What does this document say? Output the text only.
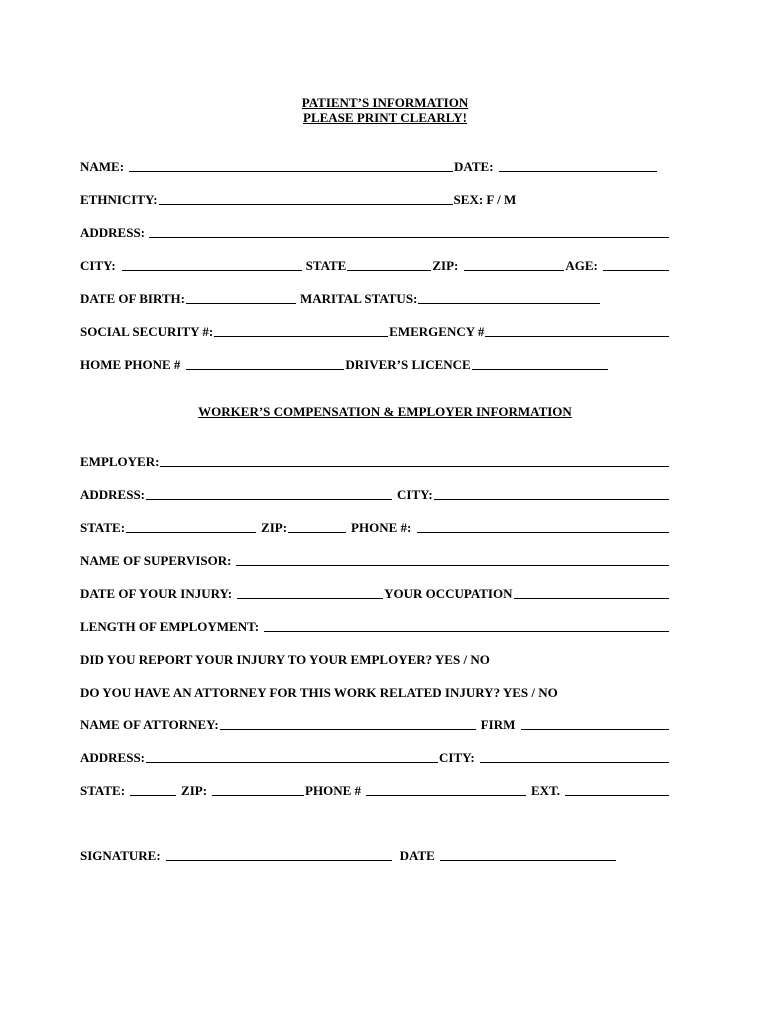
PATIENT’S INFORMATION
PLEASE PRINT CLEARLY!
NAME:	DATE:
ETHNICITY:	SEX: F / M
ADDRESS:
CITY:	STATE	ZIP:	AGE:
DATE OF BIRTH:	MARITAL STATUS:
SOCIAL SECURITY #:	EMERGENCY #
HOME PHONE #	DRIVER’S LICENCE
WORKER’S COMPENSATION & EMPLOYER INFORMATION
EMPLOYER:
ADDRESS:	CITY:
STATE:	ZIP:	PHONE #:
NAME OF SUPERVISOR:
DATE OF YOUR INJURY:	YOUR OCCUPATION
LENGTH OF EMPLOYMENT:
DID YOU REPORT YOUR INJURY TO YOUR EMPLOYER? YES / NO
DO YOU HAVE AN ATTORNEY FOR THIS WORK RELATED INJURY? YES / NO
NAME OF ATTORNEY:	FIRM
ADDRESS:	CITY:
STATE:	ZIP:	PHONE #	EXT.
SIGNATURE:	DATE
